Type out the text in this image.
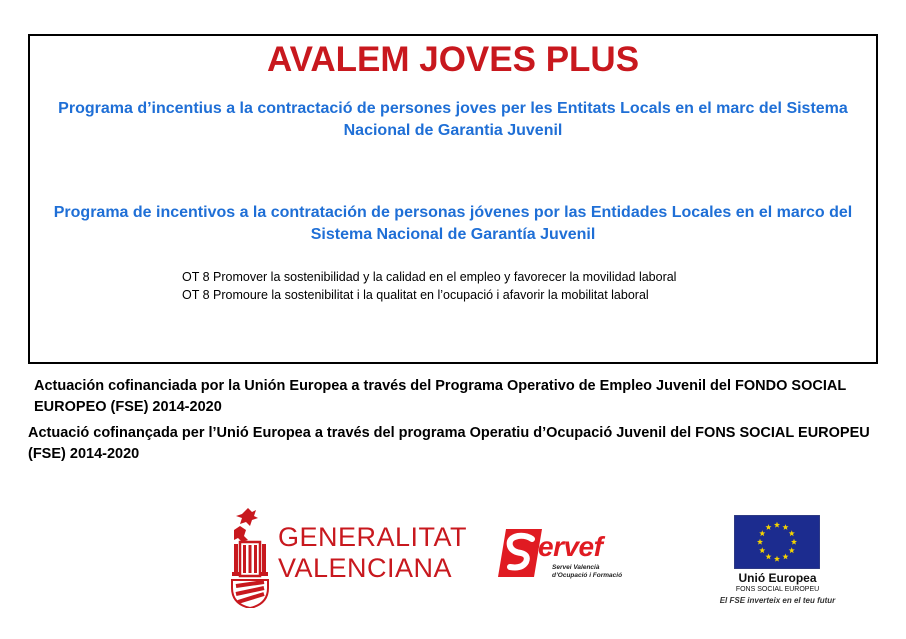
AVALEM JOVES PLUS
Programa d’incentius a la contractació de persones joves per les Entitats Locals en el marc del Sistema Nacional de Garantia Juvenil
Programa de incentivos a la contratación de personas jóvenes por las Entidades Locales en el marco del Sistema Nacional de Garantía Juvenil
OT 8 Promover la sostenibilidad y la calidad en el empleo y favorecer la movilidad laboral
OT 8 Promoure la sostenibilitat i la qualitat en l’ocupació i afavorir la mobilitat laboral
Actuación cofinanciada por la Unión Europea a través del Programa Operativo de Empleo Juvenil del FONDO SOCIAL EUROPEO (FSE) 2014-2020
Actuació cofinançada per l’Unió Europea a través del programa Operatiu d’Ocupació Juvenil del FONS SOCIAL EUROPEU (FSE) 2014-2020
GENERALITAT
VALENCIANA
ervef
Servei Valencià
d’Ocupació i Formació	Unió Europea
FONS SOCIAL EUROPEU
El FSE inverteix en el teu futur
